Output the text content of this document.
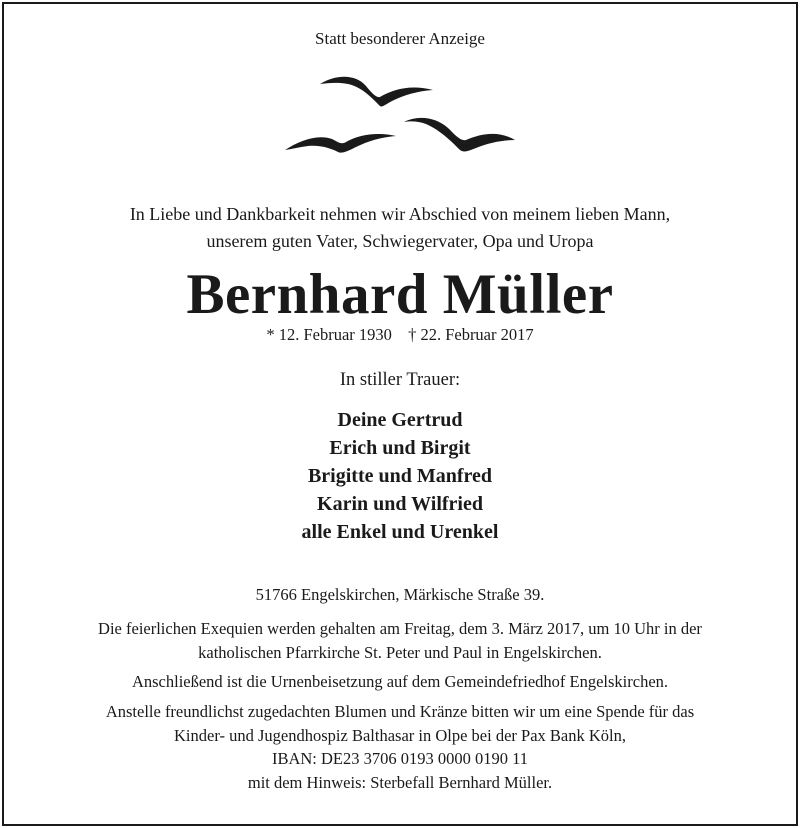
Statt besonderer Anzeige
In Liebe und Dankbarkeit nehmen wir Abschied von meinem lieben Mann,
unserem guten Vater, Schwiegervater, Opa und Uropa
Bernhard Müller
* 12. Februar 1930 † 22. Februar 2017
In stiller Trauer:
Deine Gertrud
Erich und Birgit
Brigitte und Manfred
Karin und Wilfried
alle Enkel und Urenkel
51766 Engelskirchen, Märkische Straße 39.
Die feierlichen Exequien werden gehalten am Freitag, dem 3. März 2017, um 10 Uhr in der
katholischen Pfarrkirche St. Peter und Paul in Engelskirchen.
Anschließend ist die Urnenbeisetzung auf dem Gemeindefriedhof Engelskirchen.
Anstelle freundlichst zugedachten Blumen und Kränze bitten wir um eine Spende für das
Kinder- und Jugendhospiz Balthasar in Olpe bei der Pax Bank Köln,
IBAN: DE23 3706 0193 0000 0190 11
mit dem Hinweis: Sterbefall Bernhard Müller.
